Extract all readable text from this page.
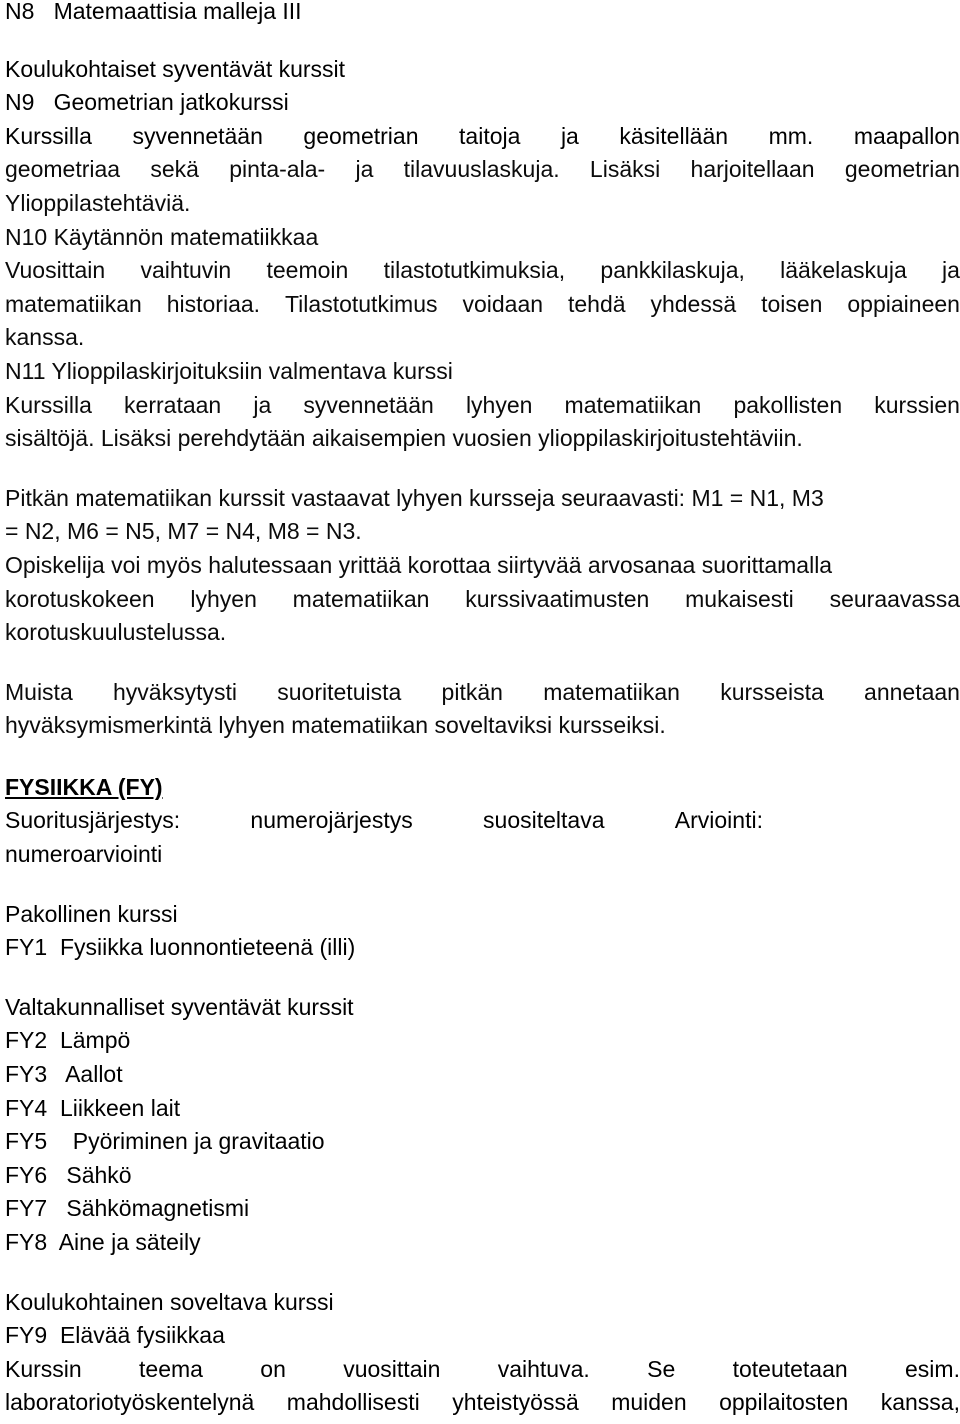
N8   Matemaattisia malleja III
Koulukohtaiset syventävät kurssit
N9   Geometrian jatkokurssi
Kurssilla syvennetään geometrian taitoja ja käsitellään mm. maapallon
geometriaa sekä pinta-ala- ja tilavuuslaskuja. Lisäksi harjoitellaan geometrian
Ylioppilastehtäviä.
N10 Käytännön matematiikkaa
Vuosittain vaihtuvin teemoin tilastotutkimuksia, pankkilaskuja, lääkelaskuja ja
matematiikan historiaa. Tilastotutkimus voidaan tehdä yhdessä toisen oppiaineen
kanssa.
N11 Ylioppilaskirjoituksiin valmentava kurssi
Kurssilla kerrataan ja syvennetään lyhyen matematiikan pakollisten kurssien
sisältöjä. Lisäksi perehdytään aikaisempien vuosien ylioppilaskirjoitustehtäviin.
Pitkän matematiikan kurssit vastaavat lyhyen kursseja seuraavasti: M1 = N1, M3
= N2, M6 = N5, M7 = N4, M8 = N3.
Opiskelija voi myös halutessaan yrittää korottaa siirtyvää arvosanaa suorittamalla
korotuskokeen lyhyen matematiikan kurssivaatimusten mukaisesti seuraavassa
korotuskuulustelussa.
Muista hyväksytysti suoritetuista pitkän matematiikan kursseista annetaan
hyväksymismerkintä lyhyen matematiikan soveltaviksi kursseiksi.
FYSIIKKA (FY)
Suoritusjärjestys:	numerojärjestys	suositeltava	Arviointi:
numeroarviointi
Pakollinen kurssi
FY1  Fysiikka luonnontieteenä (illi)
Valtakunnalliset syventävät kurssit
FY2  Lämpö
FY3   Aallot
FY4  Liikkeen lait
FY5    Pyöriminen ja gravitaatio
FY6   Sähkö
FY7   Sähkömagnetismi
FY8  Aine ja säteily
Koulukohtainen soveltava kurssi
FY9  Elävää fysiikkaa
Kurssin teema on vuosittain vaihtuva. Se toteutetaan esim.
laboratoriotyöskentelynä mahdollisesti yhteistyössä muiden oppilaitosten kanssa,
